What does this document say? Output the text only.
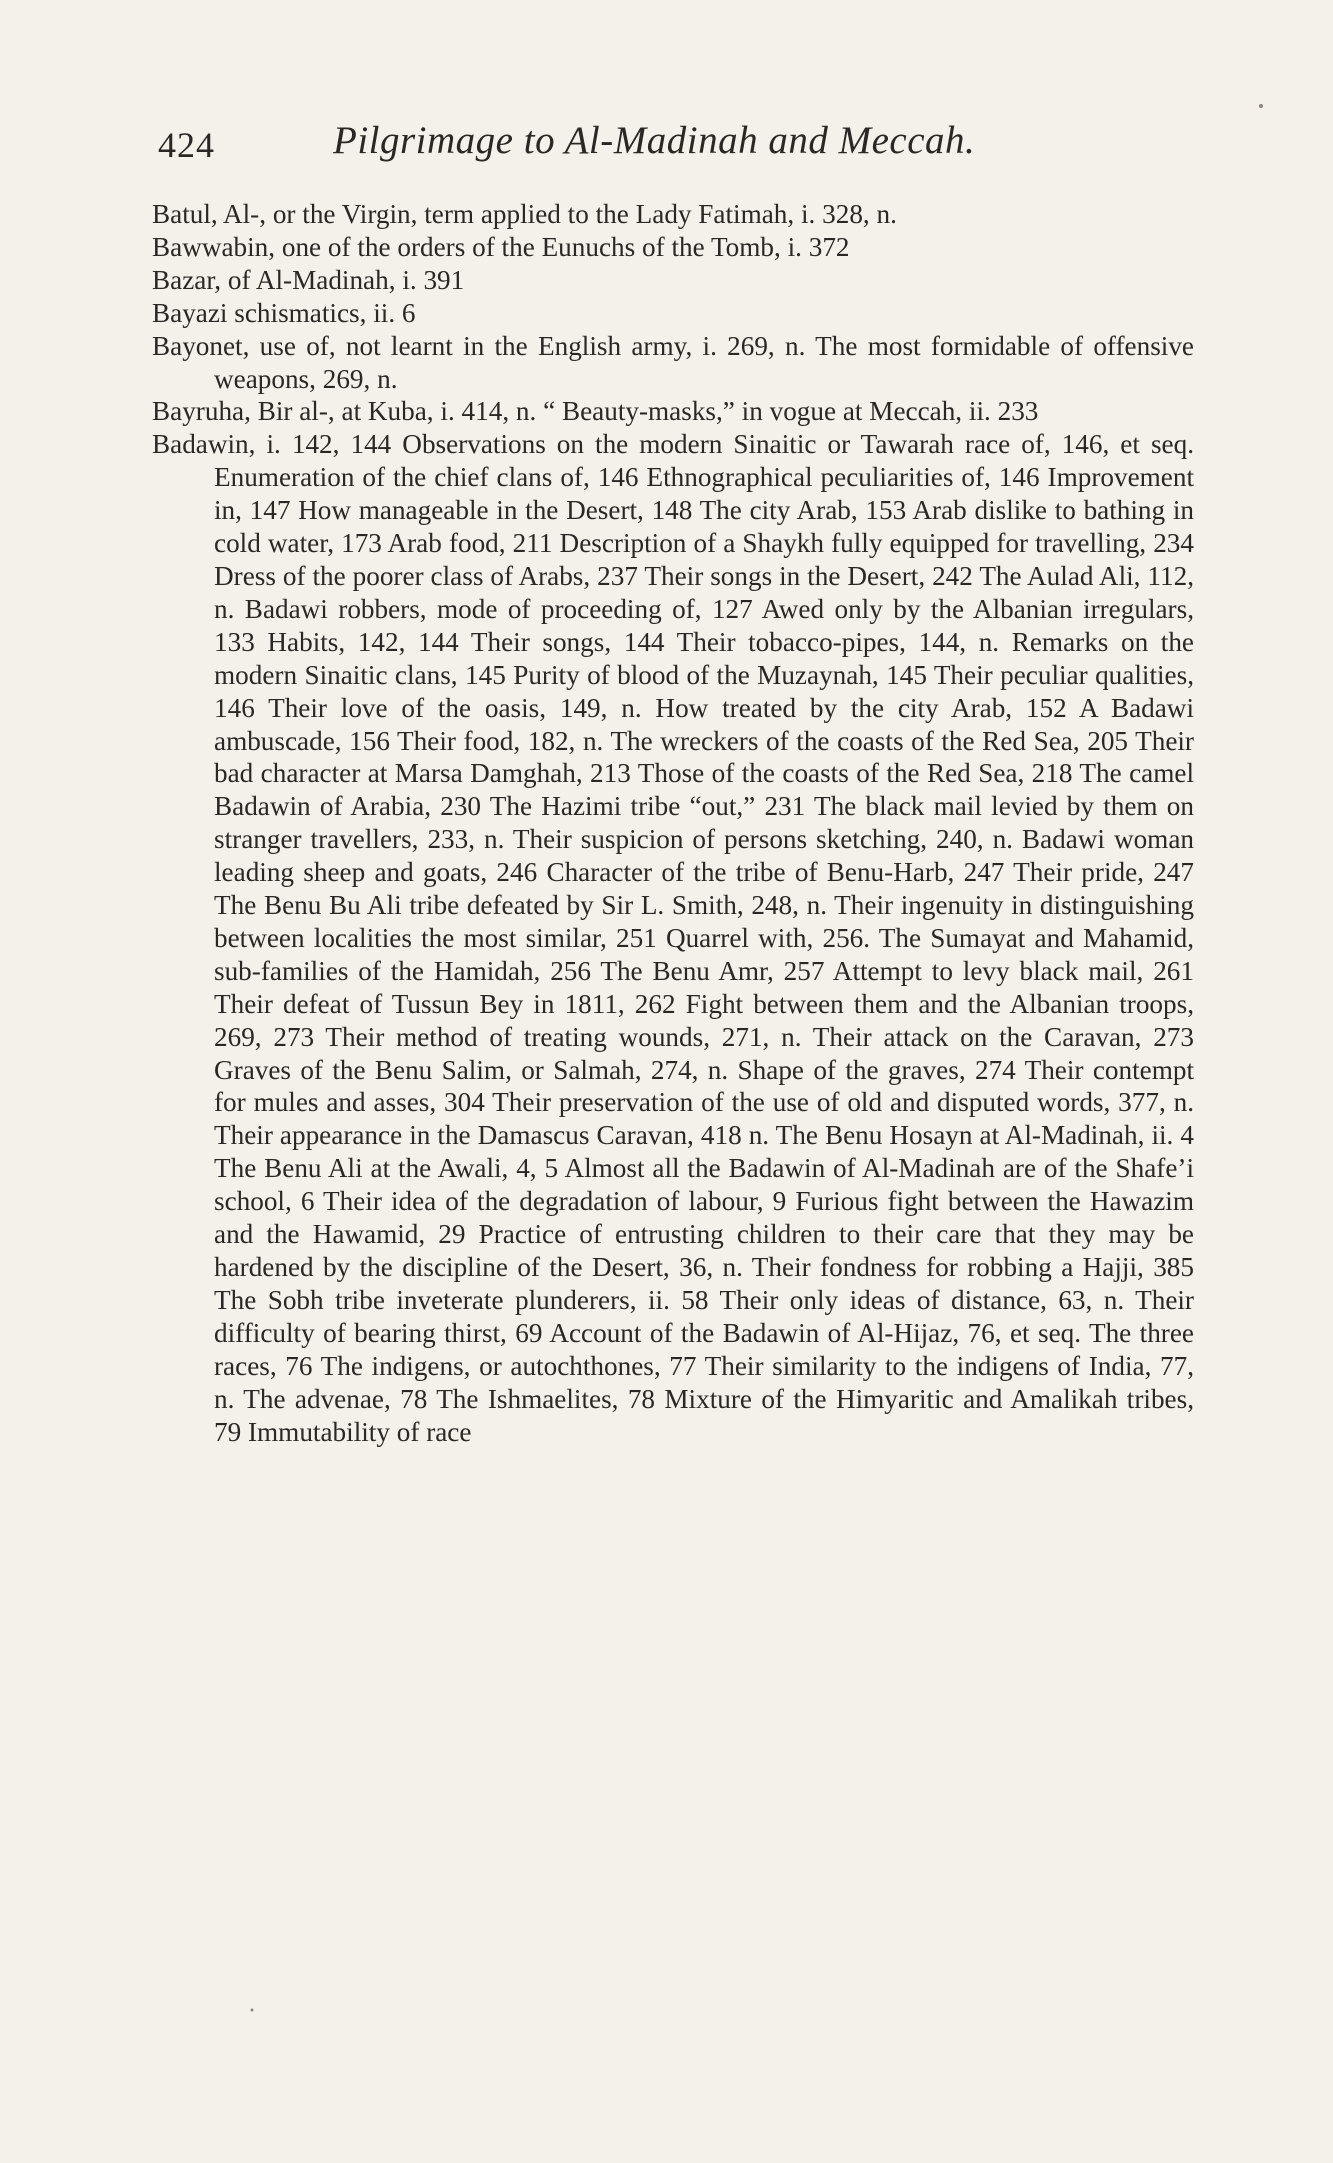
424	Pilgrimage to Al-Madinah and Meccah.

Batul, Al-, or the Virgin, term applied to the Lady Fatimah, i. 328, n.

Bawwabin, one of the orders of the Eunuchs of the Tomb, i. 372

Bazar, of Al-Madinah, i. 391

Bayazi schismatics, ii. 6

Bayonet, use of, not learnt in the English army, i. 269, n. The most formidable of offensive weapons, 269, n.

Bayruha, Bir al-, at Kuba, i. 414, n. “ Beauty-masks,” in vogue at Meccah, ii. 233

Badawin, i. 142, 144 Observations on the modern Sinaitic or Tawarah race of, 146, et seq. Enumeration of the chief clans of, 146 Ethnographical peculiarities of, 146 Improvement in, 147 How manageable in the Desert, 148 The city Arab, 153 Arab dislike to bathing in cold water, 173 Arab food, 211 Description of a Shaykh fully equipped for travelling, 234 Dress of the poorer class of Arabs, 237 Their songs in the Desert, 242 The Aulad Ali, 112, n. Badawi robbers, mode of proceeding of, 127 Awed only by the Albanian irregulars, 133 Habits, 142, 144 Their songs, 144 Their tobacco-pipes, 144, n. Remarks on the modern Sinaitic clans, 145 Purity of blood of the Muzaynah, 145 Their peculiar qualities, 146 Their love of the oasis, 149, n. How treated by the city Arab, 152 A Badawi ambuscade, 156 Their food, 182, n. The wreckers of the coasts of the Red Sea, 205 Their bad character at Marsa Damghah, 213 Those of the coasts of the Red Sea, 218 The camel Badawin of Arabia, 230 The Hazimi tribe “out,” 231 The black mail levied by them on stranger travellers, 233, n. Their suspicion of persons sketching, 240, n. Badawi woman leading sheep and goats, 246 Character of the tribe of Benu-Harb, 247 Their pride, 247 The Benu Bu Ali tribe defeated by Sir L. Smith, 248, n. Their ingenuity in distinguishing between localities the most similar, 251 Quarrel with, 256. The Sumayat and Mahamid, sub-families of the Hamidah, 256 The Benu Amr, 257 Attempt to levy black mail, 261 Their defeat of Tussun Bey in 1811, 262 Fight between them and the Albanian troops, 269, 273 Their method of treating wounds, 271, n. Their attack on the Caravan, 273 Graves of the Benu Salim, or Salmah, 274, n. Shape of the graves, 274 Their contempt for mules and asses, 304 Their preservation of the use of old and disputed words, 377, n. Their appearance in the Damascus Caravan, 418 n. The Benu Hosayn at Al-Madinah, ii. 4 The Benu Ali at the Awali, 4, 5 Almost all the Badawin of Al-Madinah are of the Shafe’i school, 6 Their idea of the degradation of labour, 9 Furious fight between the Hawazim and the Hawamid, 29 Practice of entrusting children to their care that they may be hardened by the discipline of the Desert, 36, n. Their fondness for robbing a Hajji, 385 The Sobh tribe inveterate plunderers, ii. 58 Their only ideas of distance, 63, n. Their difficulty of bearing thirst, 69 Account of the Badawin of Al-Hijaz, 76, et seq. The three races, 76 The indigens, or autochthones, 77 Their similarity to the indigens of India, 77, n. The advenae, 78 The Ishmaelites, 78 Mixture of the Himyaritic and Amalikah tribes, 79 Immutability of race
